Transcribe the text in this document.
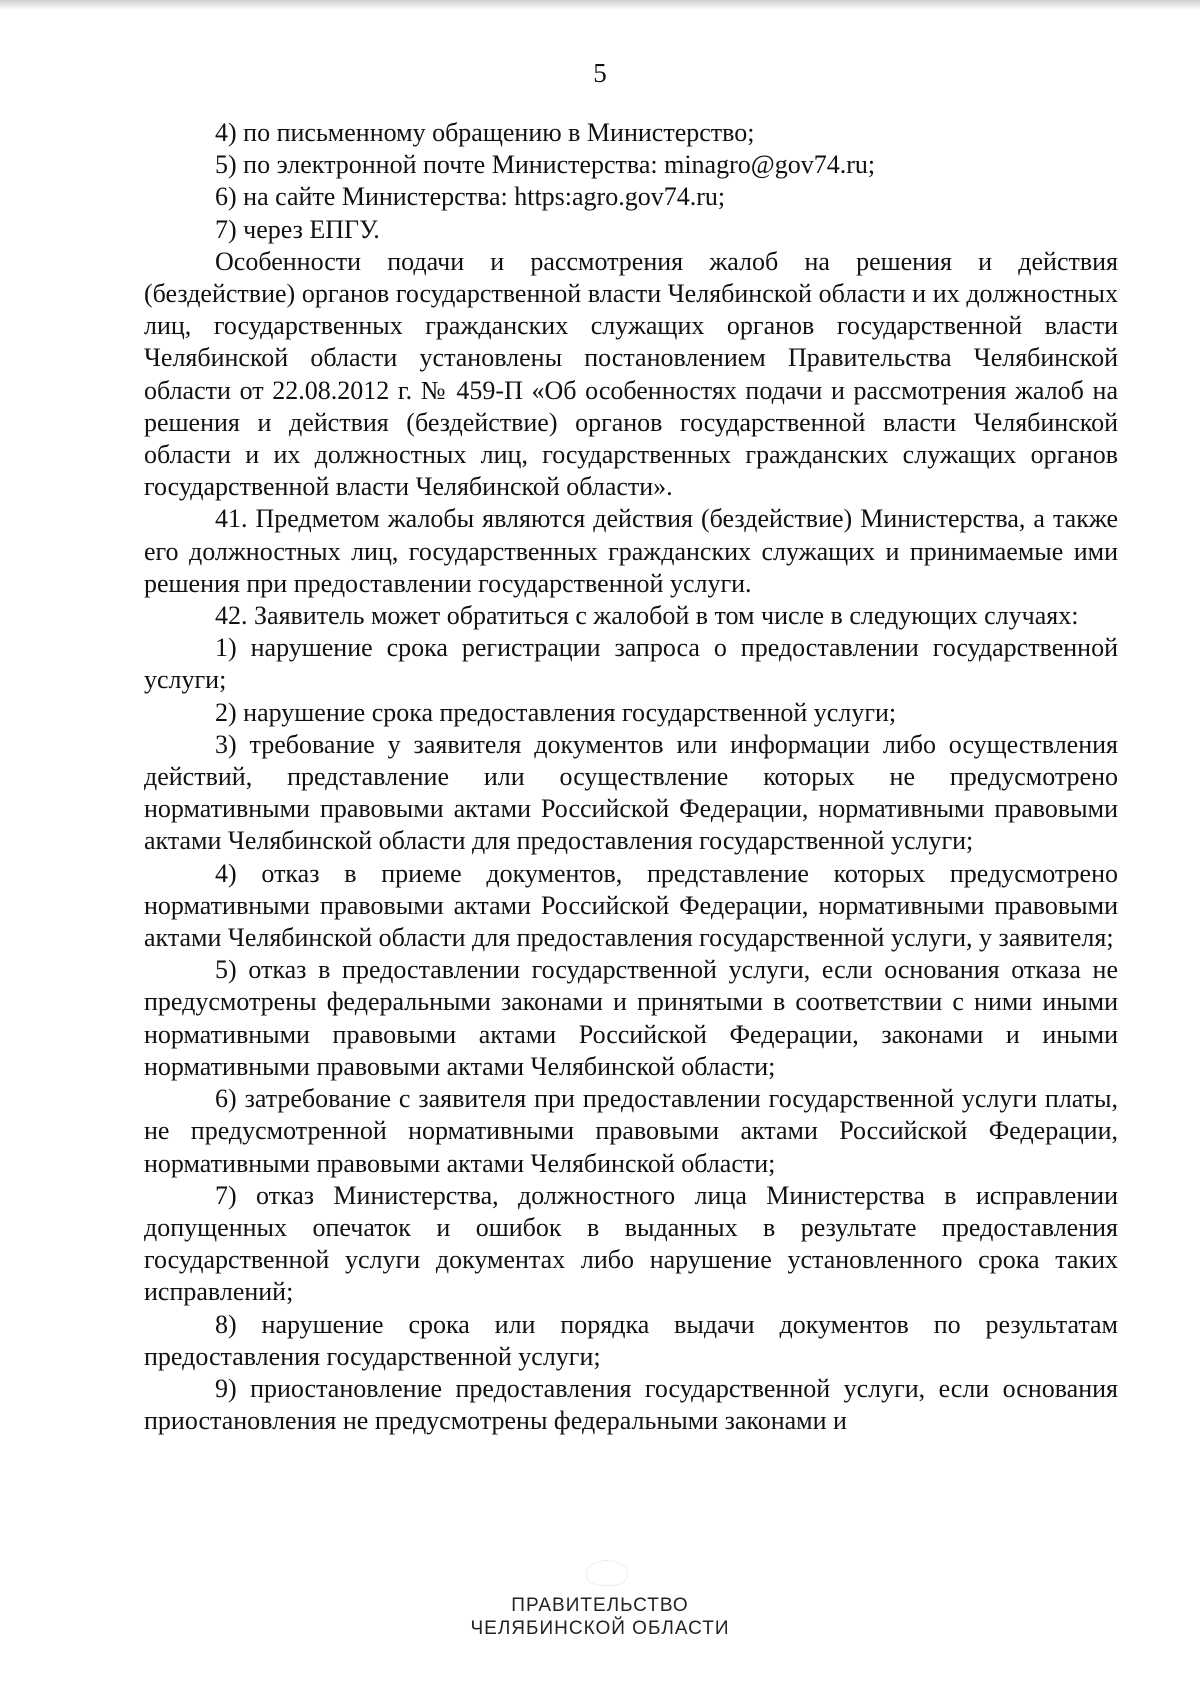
5

4) по письменному обращению в Министерство;

5) по электронной почте Министерства: minagro@gov74.ru;

6) на сайте Министерства: https:agro.gov74.ru;

7) через ЕПГУ.

Особенности подачи и рассмотрения жалоб на решения и действия (бездействие) органов государственной власти Челябинской области и их должностных лиц, государственных гражданских служащих органов государственной власти Челябинской области установлены постановлением Правительства Челябинской области от 22.08.2012 г. № 459-П «Об особенностях подачи и рассмотрения жалоб на решения и действия (бездействие) органов государственной власти Челябинской области и их должностных лиц, государственных гражданских служащих органов государственной власти Челябинской области».

41. Предметом жалобы являются действия (бездействие) Министерства, а также его должностных лиц, государственных гражданских служащих и принимаемые ими решения при предоставлении государственной услуги.

42. Заявитель может обратиться с жалобой в том числе в следующих случаях:

1) нарушение срока регистрации запроса о предоставлении государственной услуги;

2) нарушение срока предоставления государственной услуги;

3) требование у заявителя документов или информации либо осуществления действий, представление или осуществление которых не предусмотрено нормативными правовыми актами Российской Федерации, нормативными правовыми актами Челябинской области для предоставления государственной услуги;

4) отказ в приеме документов, представление которых предусмотрено нормативными правовыми актами Российской Федерации, нормативными правовыми актами Челябинской области для предоставления государственной услуги, у заявителя;

5) отказ в предоставлении государственной услуги, если основания отказа не предусмотрены федеральными законами и принятыми в соответствии с ними иными нормативными правовыми актами Российской Федерации, законами и иными нормативными правовыми актами Челябинской области;

6) затребование с заявителя при предоставлении государственной услуги платы, не предусмотренной нормативными правовыми актами Российской Федерации, нормативными правовыми актами Челябинской области;

7) отказ Министерства, должностного лица Министерства в исправлении допущенных опечаток и ошибок в выданных в результате предоставления государственной услуги документах либо нарушение установленного срока таких исправлений;

8) нарушение срока или порядка выдачи документов по результатам предоставления государственной услуги;

9) приостановление предоставления государственной услуги, если основания приостановления не предусмотрены федеральными законами и

ПРАВИТЕЛЬСТВО
ЧЕЛЯБИНСКОЙ ОБЛАСТИ
